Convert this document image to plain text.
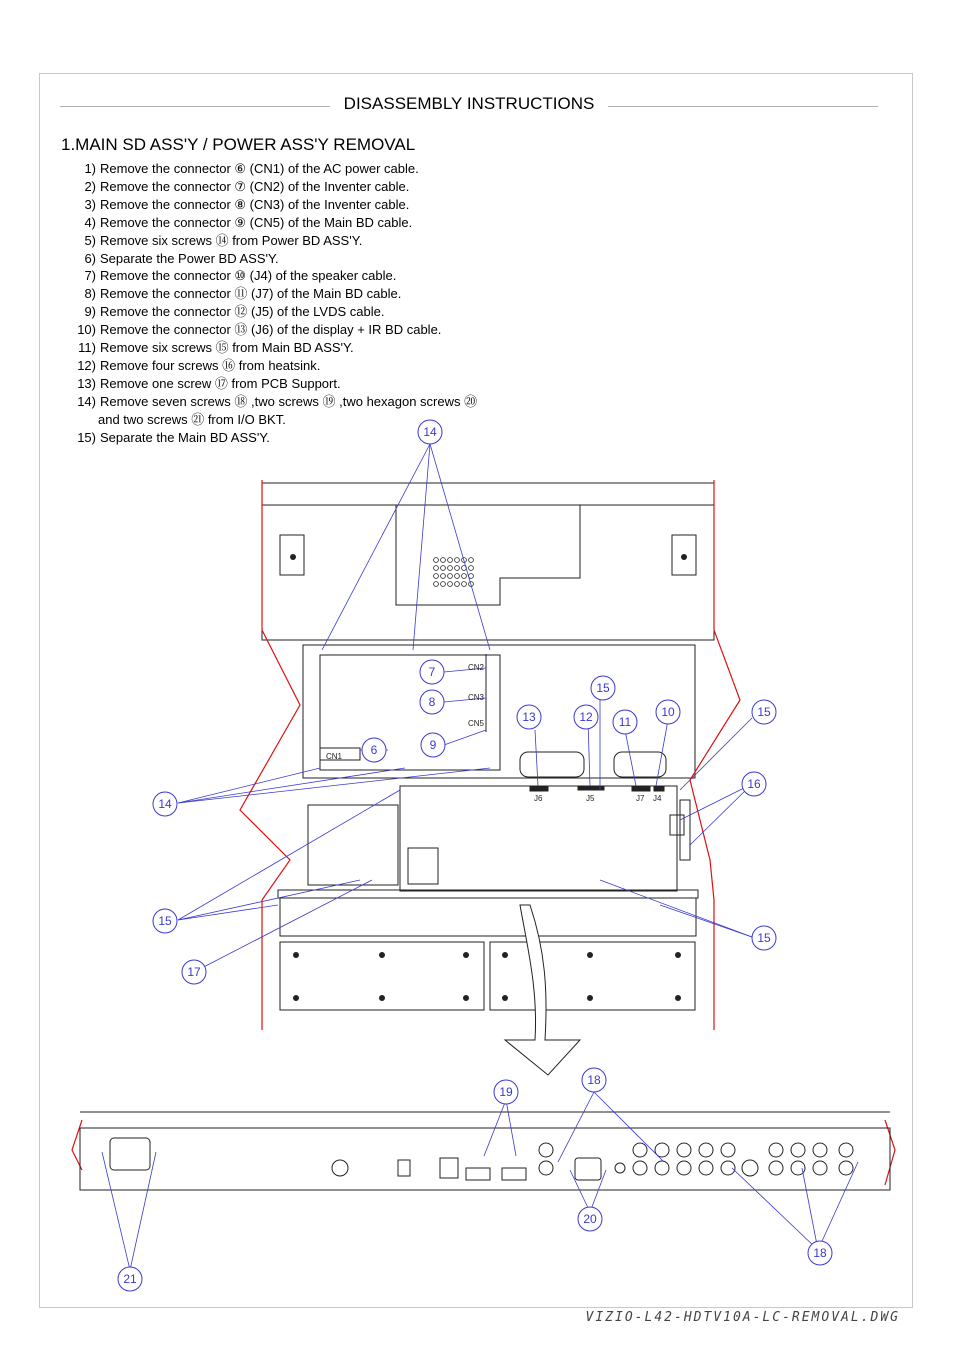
DISASSEMBLY INSTRUCTIONS
1.MAIN SD ASS'Y / POWER ASS'Y REMOVAL
1) Remove the connector ⑥ (CN1) of the AC power cable.
2) Remove the connector ⑦ (CN2) of the Inventer cable.
3) Remove the connector ⑧ (CN3) of the Inventer cable.
4) Remove the connector ⑨ (CN5) of the Main BD cable.
5) Remove six screws ⑭ from Power BD ASS'Y.
6) Separate the Power BD ASS'Y.
7) Remove the connector ⑩ (J4) of the speaker cable.
8) Remove the connector ⑪ (J7) of the Main BD cable.
9) Remove the connector ⑫ (J5) of the LVDS cable.
10) Remove the connector ⑬ (J6) of the display + IR BD cable.
11) Remove six screws ⑮ from Main BD ASS'Y.
12) Remove four screws ⑯ from heatsink.
13) Remove one screw ⑰ from PCB Support.
14) Remove seven screws ⑱ ,two screws ⑲ ,two hexagon screws ⑳
and two screws ㉑ from I/O BKT.
15) Separate the Main BD ASS'Y.
CN2
CN3
CN5
CN1
J6	J5	J7 J4
14
7
8
9
6
15
13	12 11
10	15
16
14
15
15
17
19
18
20
18
21
VIZIO-L42-HDTV10A-LC-REMOVAL.DWG
